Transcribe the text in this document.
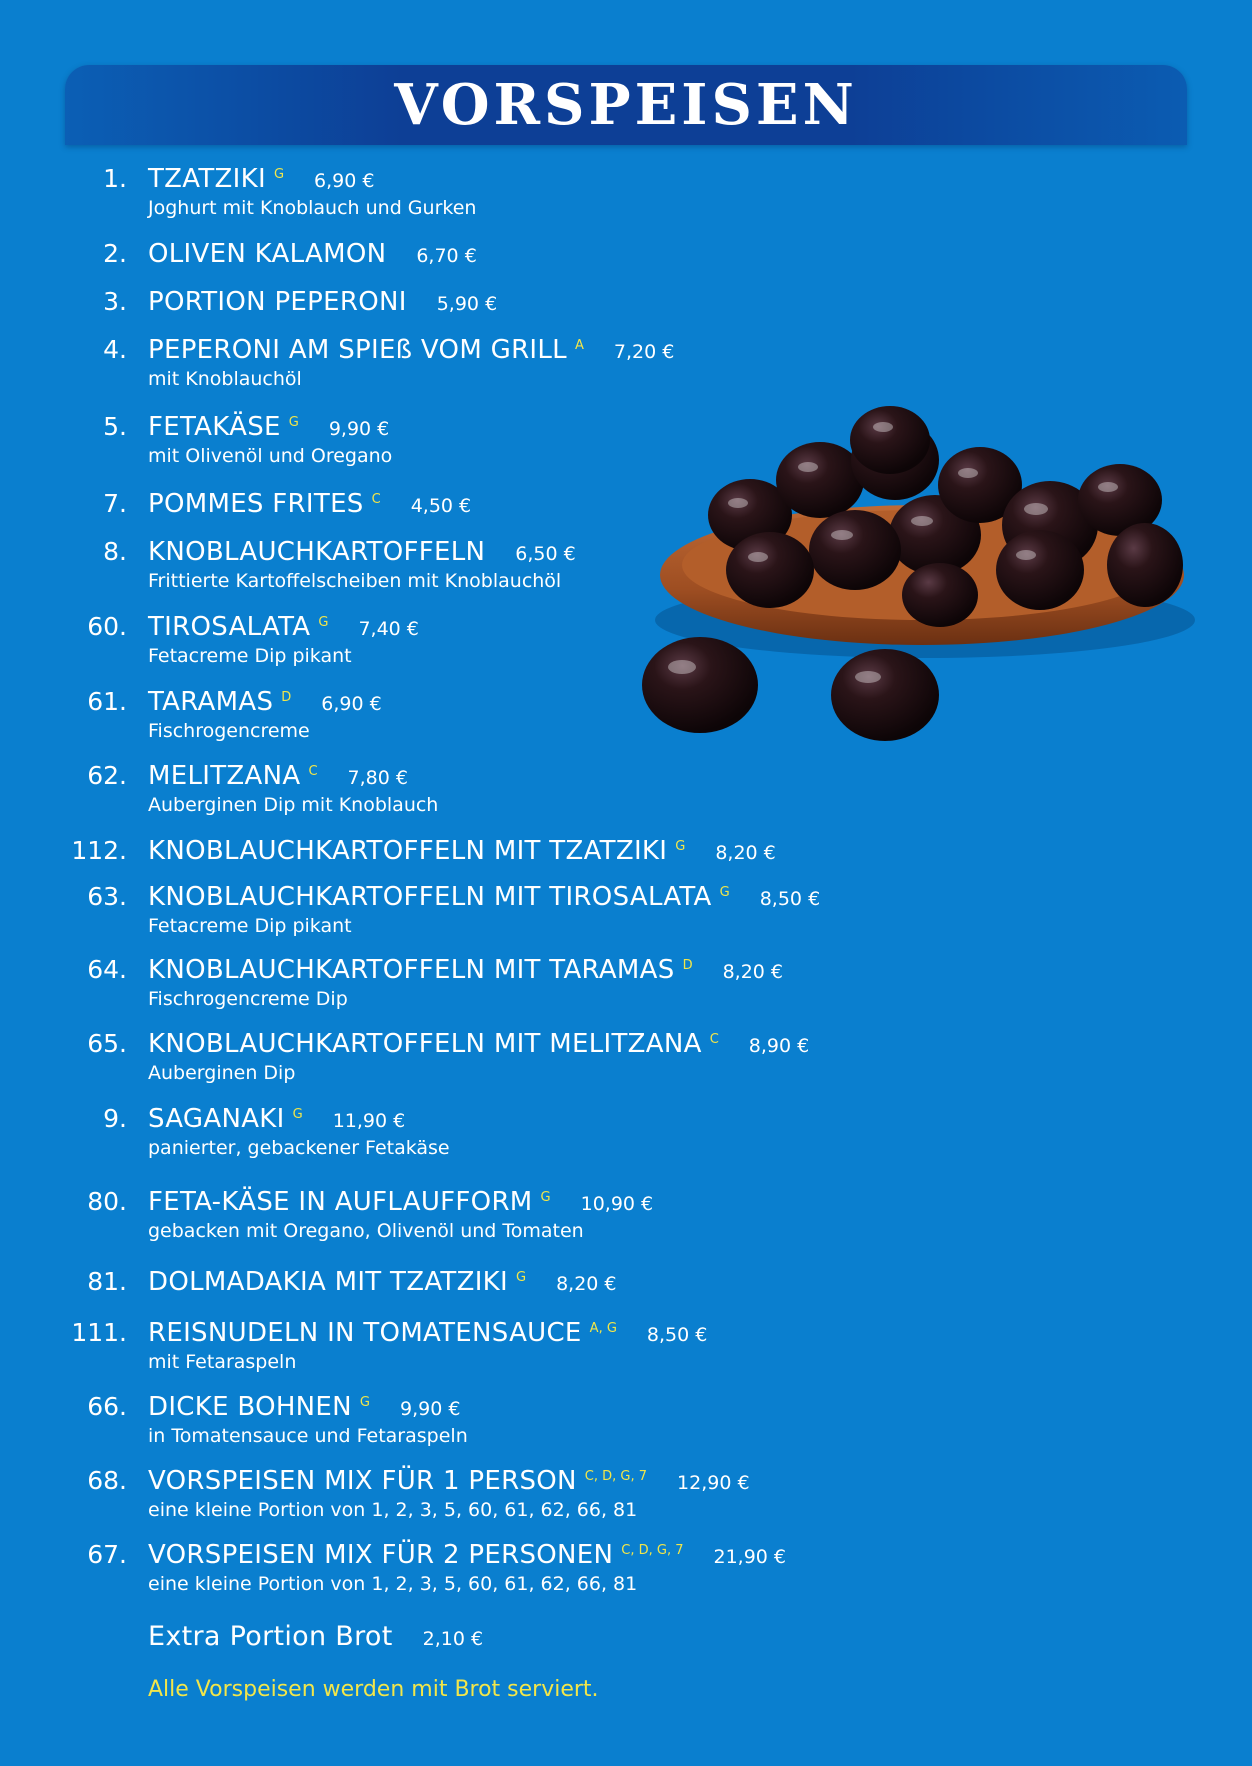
VORSPEISEN
1. TZATZIKI $^G$ 6,90 €
Joghurt mit Knoblauch und Gurken
2. OLIVEN KALAMON 6,70 €
3. PORTION PEPERONI 5,90 €
4. PEPERONI AM SPIEß VOM GRILL $^A$ 7,20 €
mit Knoblauchöl
5. FETAKÄSE $^G$ 9,90 €
mit Olivenöl und Oregano
7. POMMES FRITES $^C$ 4,50 €
8. KNOBLAUCHKARTOFFELN 6,50 €
Frittierte Kartoffelscheiben mit Knoblauchöl
60. TIROSALATA $^G$ 7,40 €
Fetacreme Dip pikant
61. TARAMAS $^D$ 6,90 €
Fischrogencreme
62. MELITZANA $^C$ 7,80 €
Auberginen Dip mit Knoblauch
112. KNOBLAUCHKARTOFFELN MIT TZATZIKI $^G$ 8,20 €
63. KNOBLAUCHKARTOFFELN MIT TIROSALATA $^G$ 8,50 €
Fetacreme Dip pikant
64. KNOBLAUCHKARTOFFELN MIT TARAMAS $^D$ 8,20 €
Fischrogencreme Dip
65. KNOBLAUCHKARTOFFELN MIT MELITZANA $^C$ 8,90 €
Auberginen Dip
9. SAGANAKI $^G$ 11,90 €
panierter, gebackener Fetakäse
80. FETA-KÄSE IN AUFLAUFFORM $^G$ 10,90 €
gebacken mit Oregano, Olivenöl und Tomaten
81. DOLMADAKIA MIT TZATZIKI $^G$ 8,20 €
111. REISNUDELN IN TOMATENSAUCE $^{A, G}$ 8,50 €
mit Fetaraspeln
66. DICKE BOHNEN $^G$ 9,90 €
in Tomatensauce und Fetaraspeln
68. VORSPEISEN MIX FÜR 1 PERSON $^{C, D, G, 7}$ 12,90 €
eine kleine Portion von 1, 2, 3, 5, 60, 61, 62, 66, 81
67. VORSPEISEN MIX FÜR 2 PERSONEN $^{C, D, G, 7}$ 21,90 €
eine kleine Portion von 1, 2, 3, 5, 60, 61, 62, 66, 81
Extra Portion Brot 2,10 €
Alle Vorspeisen werden mit Brot serviert.
